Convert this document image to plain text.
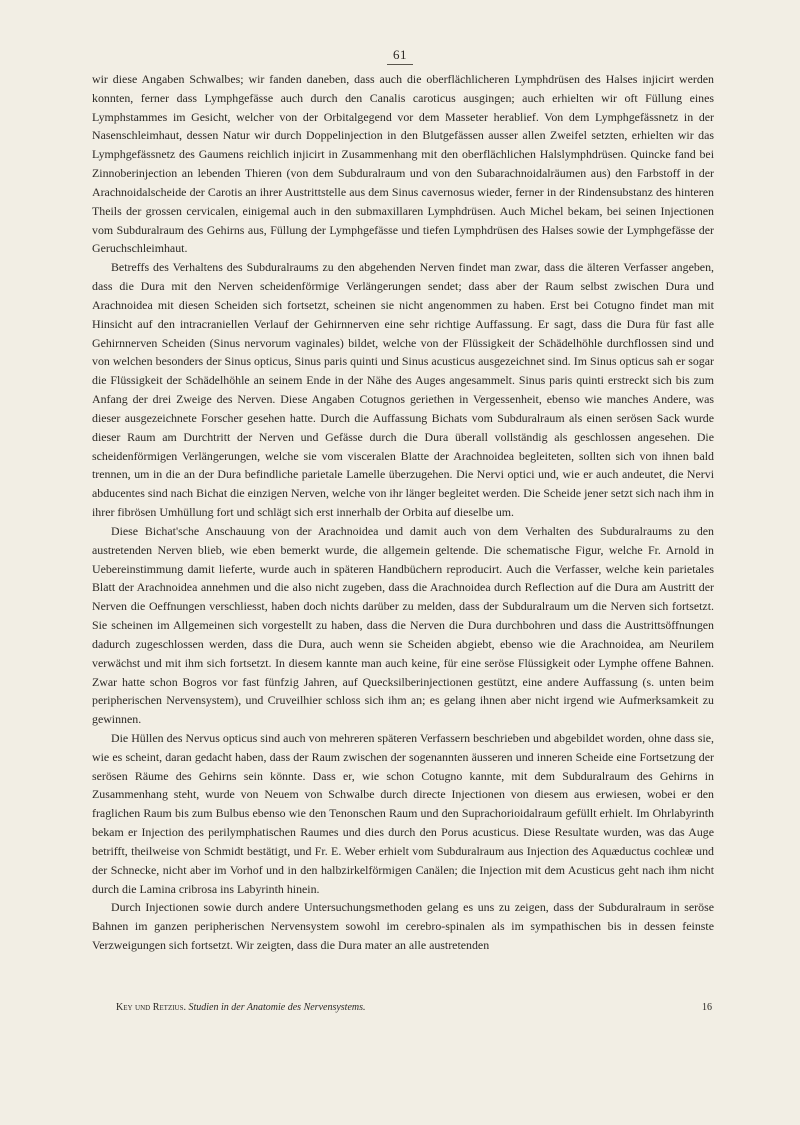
61

wir diese Angaben Schwalbes; wir fanden daneben, dass auch die oberflächlicheren Lymphdrüsen des Halses injicirt werden konnten, ferner dass Lymphgefässe auch durch den Canalis caroticus ausgingen; auch erhielten wir oft Füllung eines Lymphstammes im Gesicht, welcher von der Orbitalgegend vor dem Masseter herablief. Von dem Lymphgefässnetz in der Nasenschleimhaut, dessen Natur wir durch Doppelinjection in den Blutgefässen ausser allen Zweifel setzten, erhielten wir das Lymphgefässnetz des Gaumens reichlich injicirt in Zusammenhang mit den oberflächlichen Halslymphdrüsen. Quincke fand bei Zinnoberinjection an lebenden Thieren (von dem Subduralraum und von den Subarachnoidalräumen aus) den Farbstoff in der Arachnoidalscheide der Carotis an ihrer Austrittstelle aus dem Sinus cavernosus wieder, ferner in der Rindensubstanz des hinteren Theils der grossen cervicalen, einigemal auch in den submaxillaren Lymphdrüsen. Auch Michel bekam, bei seinen Injectionen vom Subduralraum des Gehirns aus, Füllung der Lymphgefässe und tiefen Lymphdrüsen des Halses sowie der Lymphgefässe der Geruchschleimhaut.

Betreffs des Verhaltens des Subduralraums zu den abgehenden Nerven findet man zwar, dass die älteren Verfasser angeben, dass die Dura mit den Nerven scheidenförmige Verlängerungen sendet; dass aber der Raum selbst zwischen Dura und Arachnoidea mit diesen Scheiden sich fortsetzt, scheinen sie nicht angenommen zu haben. Erst bei Cotugno findet man mit Hinsicht auf den intracraniellen Verlauf der Gehirnnerven eine sehr richtige Auffassung. Er sagt, dass die Dura für fast alle Gehirnnerven Scheiden (Sinus nervorum vaginales) bildet, welche von der Flüssigkeit der Schädelhöhle durchflossen sind und von welchen besonders der Sinus opticus, Sinus paris quinti und Sinus acusticus ausgezeichnet sind. Im Sinus opticus sah er sogar die Flüssigkeit der Schädelhöhle an seinem Ende in der Nähe des Auges angesammelt. Sinus paris quinti erstreckt sich bis zum Anfang der drei Zweige des Nerven. Diese Angaben Cotugnos geriethen in Vergessenheit, ebenso wie manches Andere, was dieser ausgezeichnete Forscher gesehen hatte. Durch die Auffassung Bichats vom Subduralraum als einen serösen Sack wurde dieser Raum am Durchtritt der Nerven und Gefässe durch die Dura überall vollständig als geschlossen angesehen. Die scheidenförmigen Verlängerungen, welche sie vom visceralen Blatte der Arachnoidea begleiteten, sollten sich von ihnen bald trennen, um in die an der Dura befindliche parietale Lamelle überzugehen. Die Nervi optici und, wie er auch andeutet, die Nervi abducentes sind nach Bichat die einzigen Nerven, welche von ihr länger begleitet werden. Die Scheide jener setzt sich nach ihm in ihrer fibrösen Umhüllung fort und schlägt sich erst innerhalb der Orbita auf dieselbe um.

Diese Bichat'sche Anschauung von der Arachnoidea und damit auch von dem Verhalten des Subduralraums zu den austretenden Nerven blieb, wie eben bemerkt wurde, die allgemein geltende. Die schematische Figur, welche Fr. Arnold in Uebereinstimmung damit lieferte, wurde auch in späteren Handbüchern reproducirt. Auch die Verfasser, welche kein parietales Blatt der Arachnoidea annehmen und die also nicht zugeben, dass die Arachnoidea durch Reflection auf die Dura am Austritt der Nerven die Oeffnungen verschliesst, haben doch nichts darüber zu melden, dass der Subduralraum um die Nerven sich fortsetzt. Sie scheinen im Allgemeinen sich vorgestellt zu haben, dass die Nerven die Dura durchbohren und dass die Austrittsöffnungen dadurch zugeschlossen werden, dass die Dura, auch wenn sie Scheiden abgiebt, ebenso wie die Arachnoidea, am Neurilem verwächst und mit ihm sich fortsetzt. In diesem kannte man auch keine, für eine seröse Flüssigkeit oder Lymphe offene Bahnen. Zwar hatte schon Bogros vor fast fünfzig Jahren, auf Quecksilberinjectionen gestützt, eine andere Auffassung (s. unten beim peripherischen Nervensystem), und Cruveilhier schloss sich ihm an; es gelang ihnen aber nicht irgend wie Aufmerksamkeit zu gewinnen.

Die Hüllen des Nervus opticus sind auch von mehreren späteren Verfassern beschrieben und abgebildet worden, ohne dass sie, wie es scheint, daran gedacht haben, dass der Raum zwischen der sogenannten äusseren und inneren Scheide eine Fortsetzung der serösen Räume des Gehirns sein könnte. Dass er, wie schon Cotugno kannte, mit dem Subduralraum des Gehirns in Zusammenhang steht, wurde von Neuem von Schwalbe durch directe Injectionen von diesem aus erwiesen, wobei er den fraglichen Raum bis zum Bulbus ebenso wie den Tenonschen Raum und den Suprachorioidalraum gefüllt erhielt. Im Ohrlabyrinth bekam er Injection des perilymphatischen Raumes und dies durch den Porus acusticus. Diese Resultate wurden, was das Auge betrifft, theilweise von Schmidt bestätigt, und Fr. E. Weber erhielt vom Subduralraum aus Injection des Aquæductus cochleæ und der Schnecke, nicht aber im Vorhof und in den halbzirkelförmigen Canälen; die Injection mit dem Acusticus geht nach ihm nicht durch die Lamina cribrosa ins Labyrinth hinein.

Durch Injectionen sowie durch andere Untersuchungsmethoden gelang es uns zu zeigen, dass der Subduralraum in seröse Bahnen im ganzen peripherischen Nervensystem sowohl im cerebro-spinalen als im sympathischen bis in dessen feinste Verzweigungen sich fortsetzt. Wir zeigten, dass die Dura mater an alle austretenden

Key und Retzius. Studien in der Anatomie des Nervensystems.	16
